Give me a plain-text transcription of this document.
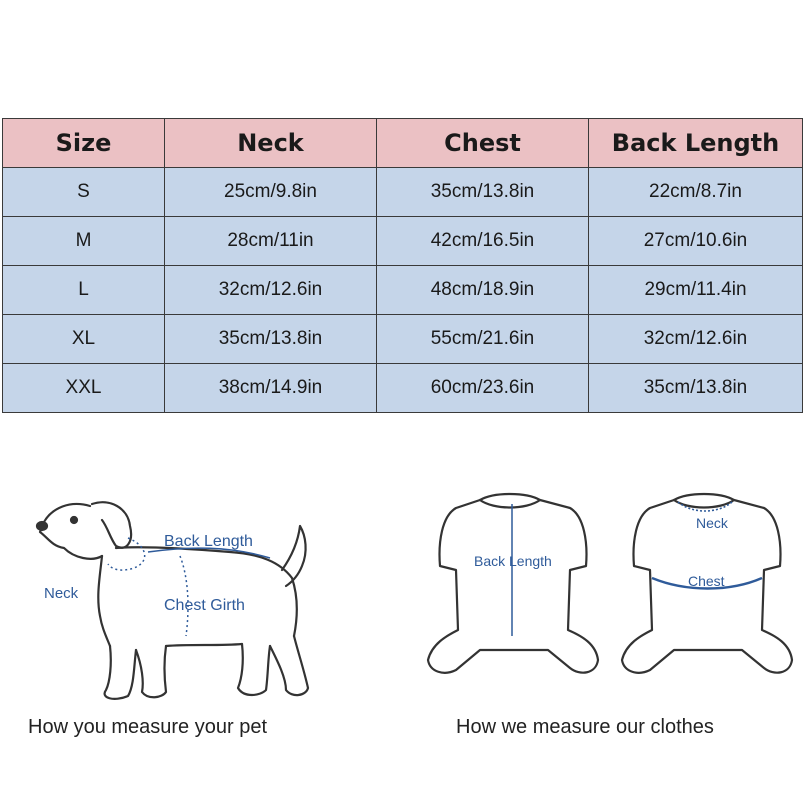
Size	Neck	Chest	Back Length
S	25cm/9.8in	35cm/13.8in	22cm/8.7in
M	28cm/11in	42cm/16.5in	27cm/10.6in
L	32cm/12.6in	48cm/18.9in	29cm/11.4in
XL	35cm/13.8in	55cm/21.6in	32cm/12.6in
XXL	38cm/14.9in	60cm/23.6in	35cm/13.8in
Back Length
Neck
Chest Girth
How you measure your pet
Back Length
Neck
Chest
How we measure our clothes
